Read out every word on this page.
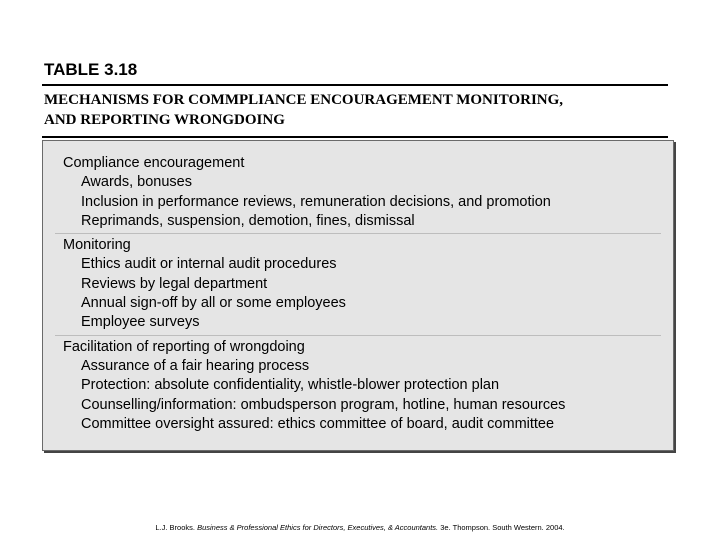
TABLE 3.18
MECHANISMS FOR COMMPLIANCE ENCOURAGEMENT MONITORING,
AND REPORTING WRONGDOING
Compliance encouragement
Awards, bonuses
Inclusion in performance reviews, remuneration decisions, and promotion
Reprimands, suspension, demotion, fines, dismissal
Monitoring
Ethics audit or internal audit procedures
Reviews by legal department
Annual sign-off by all or some employees
Employee surveys
Facilitation of reporting of wrongdoing
Assurance of a fair hearing process
Protection: absolute confidentiality, whistle-blower protection plan
Counselling/information: ombudsperson program, hotline, human resources
Committee oversight assured: ethics committee of board, audit committee
L.J. Brooks. Business & Professional Ethics for Directors, Executives, & Accountants. 3e. Thompson. South Western. 2004.
